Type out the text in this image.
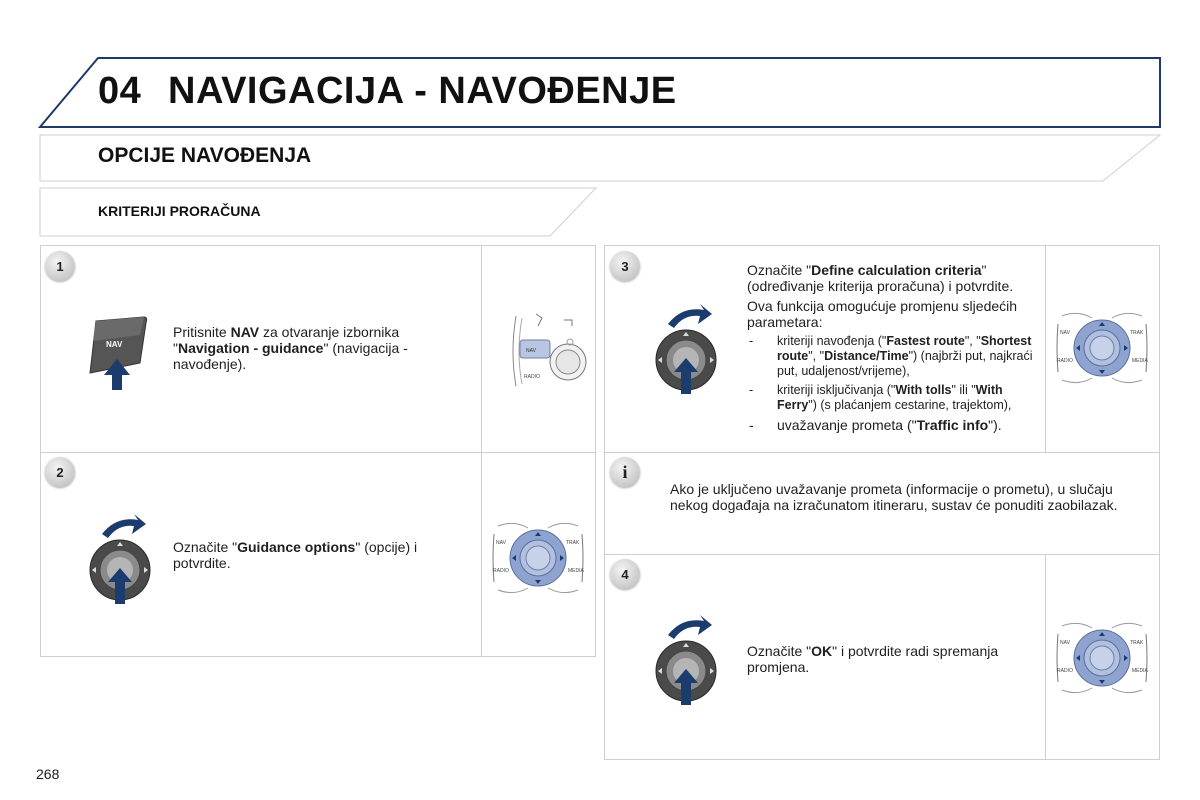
04 NAVIGACIJA - NAVOĐENJE
OPCIJE NAVOĐENJA
KRITERIJI PRORAČUNA
1
NAV
Pritisnite NAV za otvaranje izbornika "Navigation - guidance" (navigacija - navođenje).
NAV
RADIO
2
Označite "Guidance options" (opcije) i potvrdite.
NAV	TRAK
RADIO	MEDIA
3	Označite "Define calculation criteria"
(određivanje kriterija proračuna) i potvrdite.
Ova funkcija omogućuje promjenu sljedećih parametara:
- kriteriji navođenja ("Fastest route", "Shortest route", "Distance/Time") (najbrži put, najkraći put, udaljenost/vrijeme),
- kriteriji isključivanja ("With tolls" ili "With Ferry") (s plaćanjem cestarine, trajektom),
- uvažavanje prometa ("Traffic info").
NAV	TRAK
RADIO	MEDIA
i
Ako je uključeno uvažavanje prometa (informacije o prometu), u slučaju nekog događaja na izračunatom itineraru, sustav će ponuditi zaobilazak.
4
Označite "OK" i potvrdite radi spremanja promjena.
NAV	TRAK
RADIO	MEDIA
268
